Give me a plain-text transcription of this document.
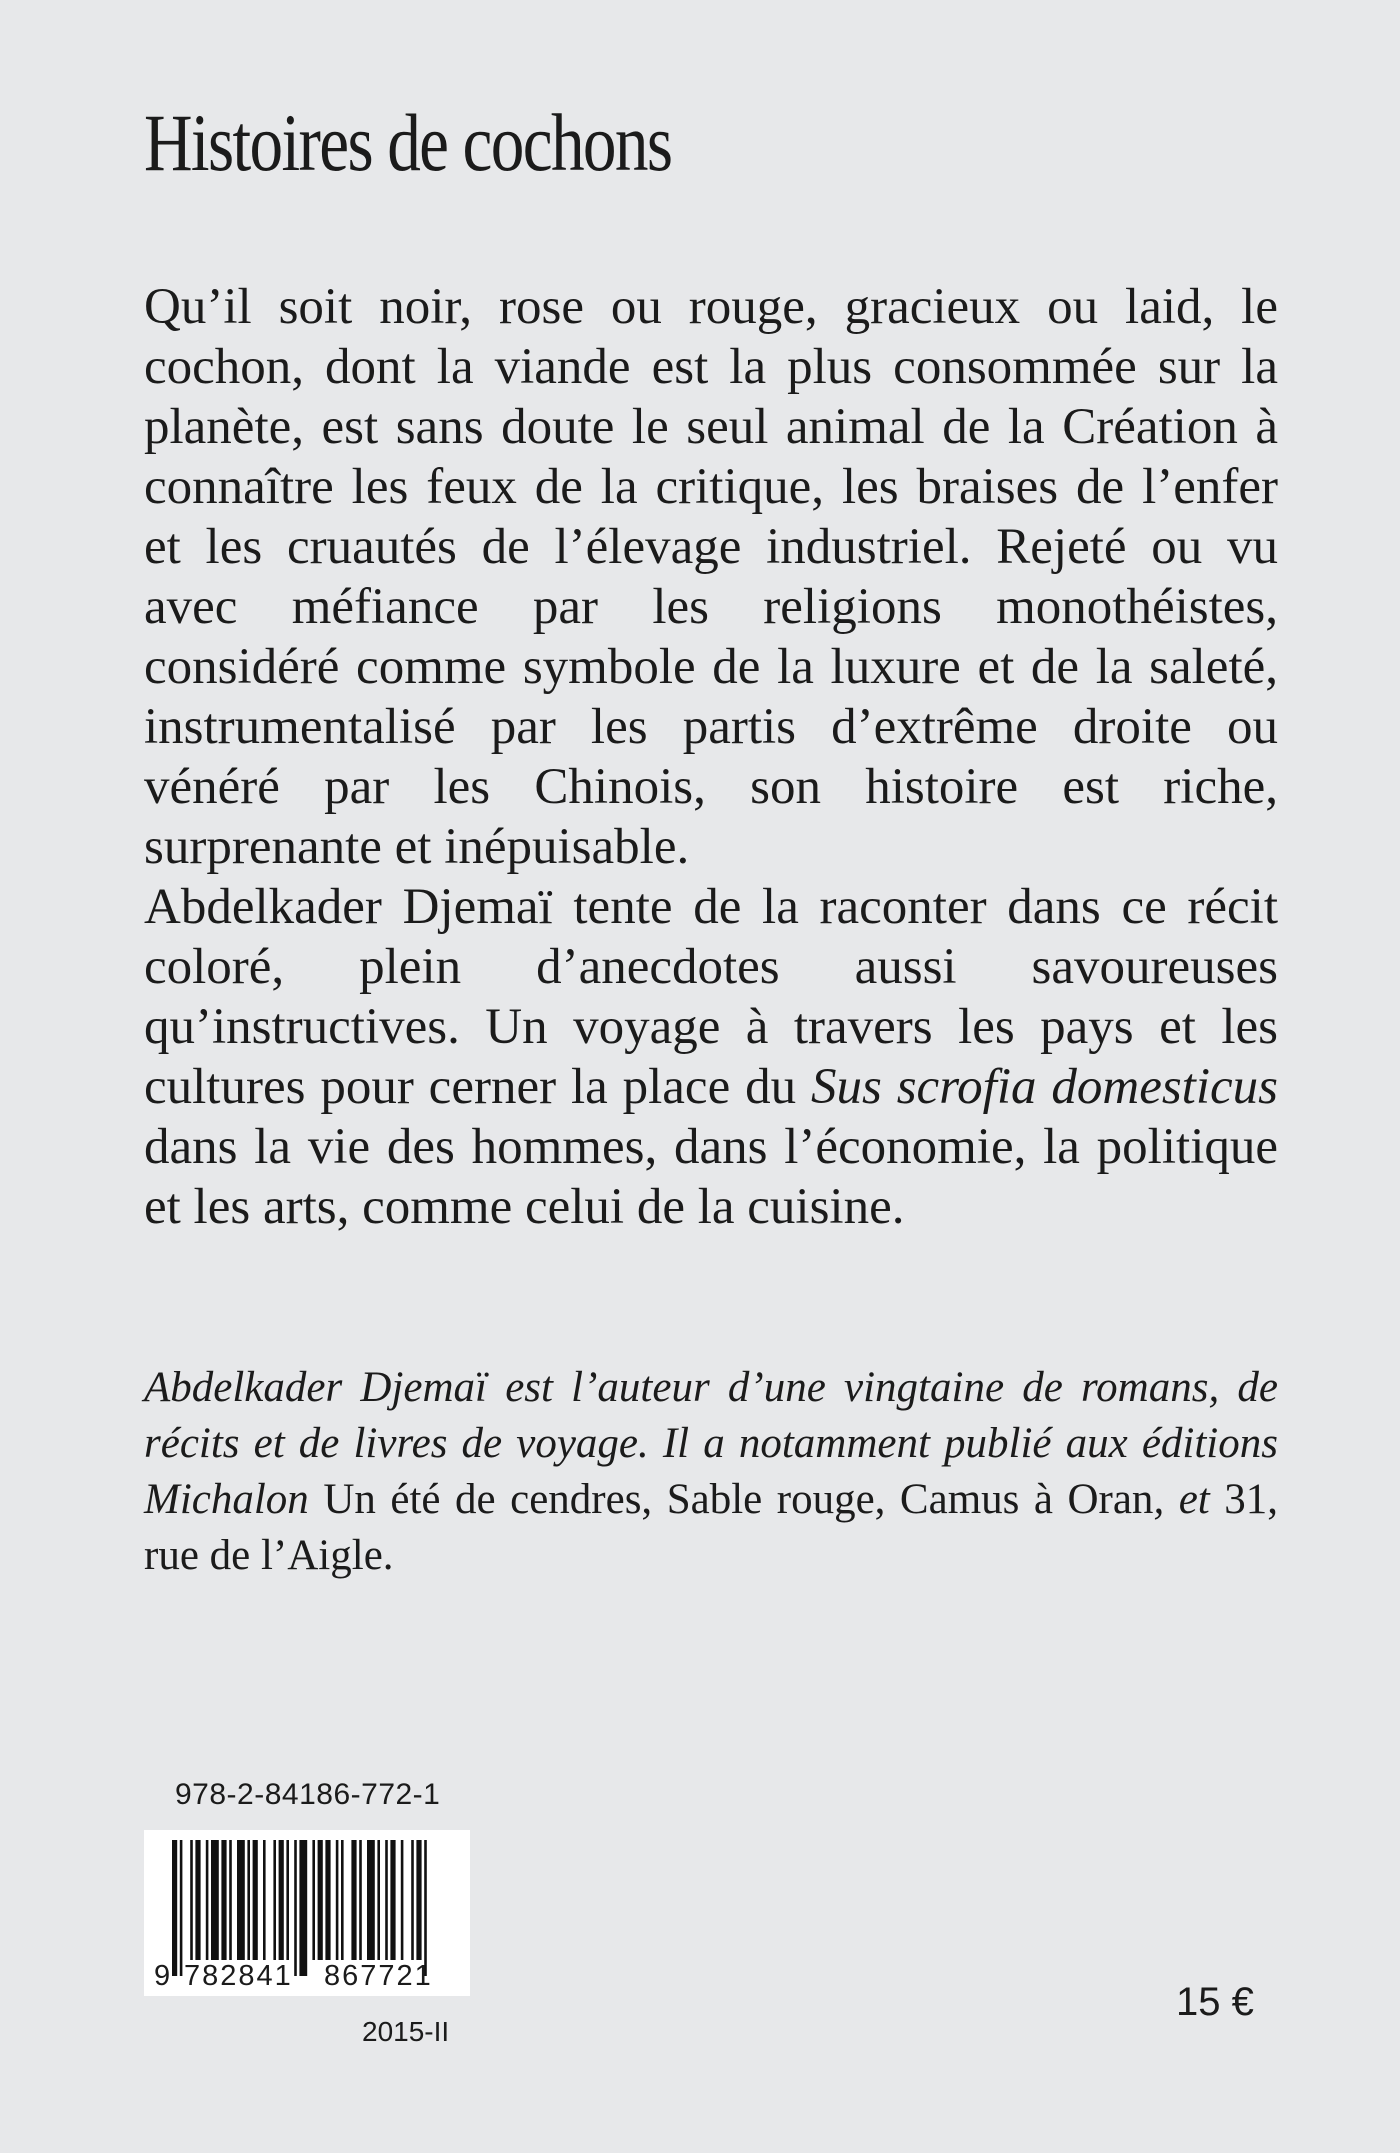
Histoires de cochons

Qu’il soit noir, rose ou rouge, gracieux ou laid, le cochon, dont la viande est la plus consommée sur la planète, est sans doute le seul animal de la Création à connaître les feux de la critique, les braises de l’enfer et les cruautés de l’élevage industriel. Rejeté ou vu avec méfiance par les religions monothéistes, considéré comme symbole de la luxure et de la saleté, instrumentalisé par les partis d’extrême droite ou vénéré par les Chinois, son histoire est riche, surprenante et inépuisable.

Abdelkader Djemaï tente de la raconter dans ce récit coloré, plein d’anecdotes aussi savoureuses qu’instructives. Un voyage à travers les pays et les cultures pour cerner la place du Sus scrofia domesticus dans la vie des hommes, dans l’économie, la politique et les arts, comme celui de la cuisine.

Abdelkader Djemaï est l’auteur d’une vingtaine de romans, de récits et de livres de voyage. Il a notamment publié aux éditions Michalon Un été de cendres, Sable rouge, Camus à Oran, et 31, rue de l’Aigle.
978-2-84186-772-1
9 782841 867721
2015-II
15 €
